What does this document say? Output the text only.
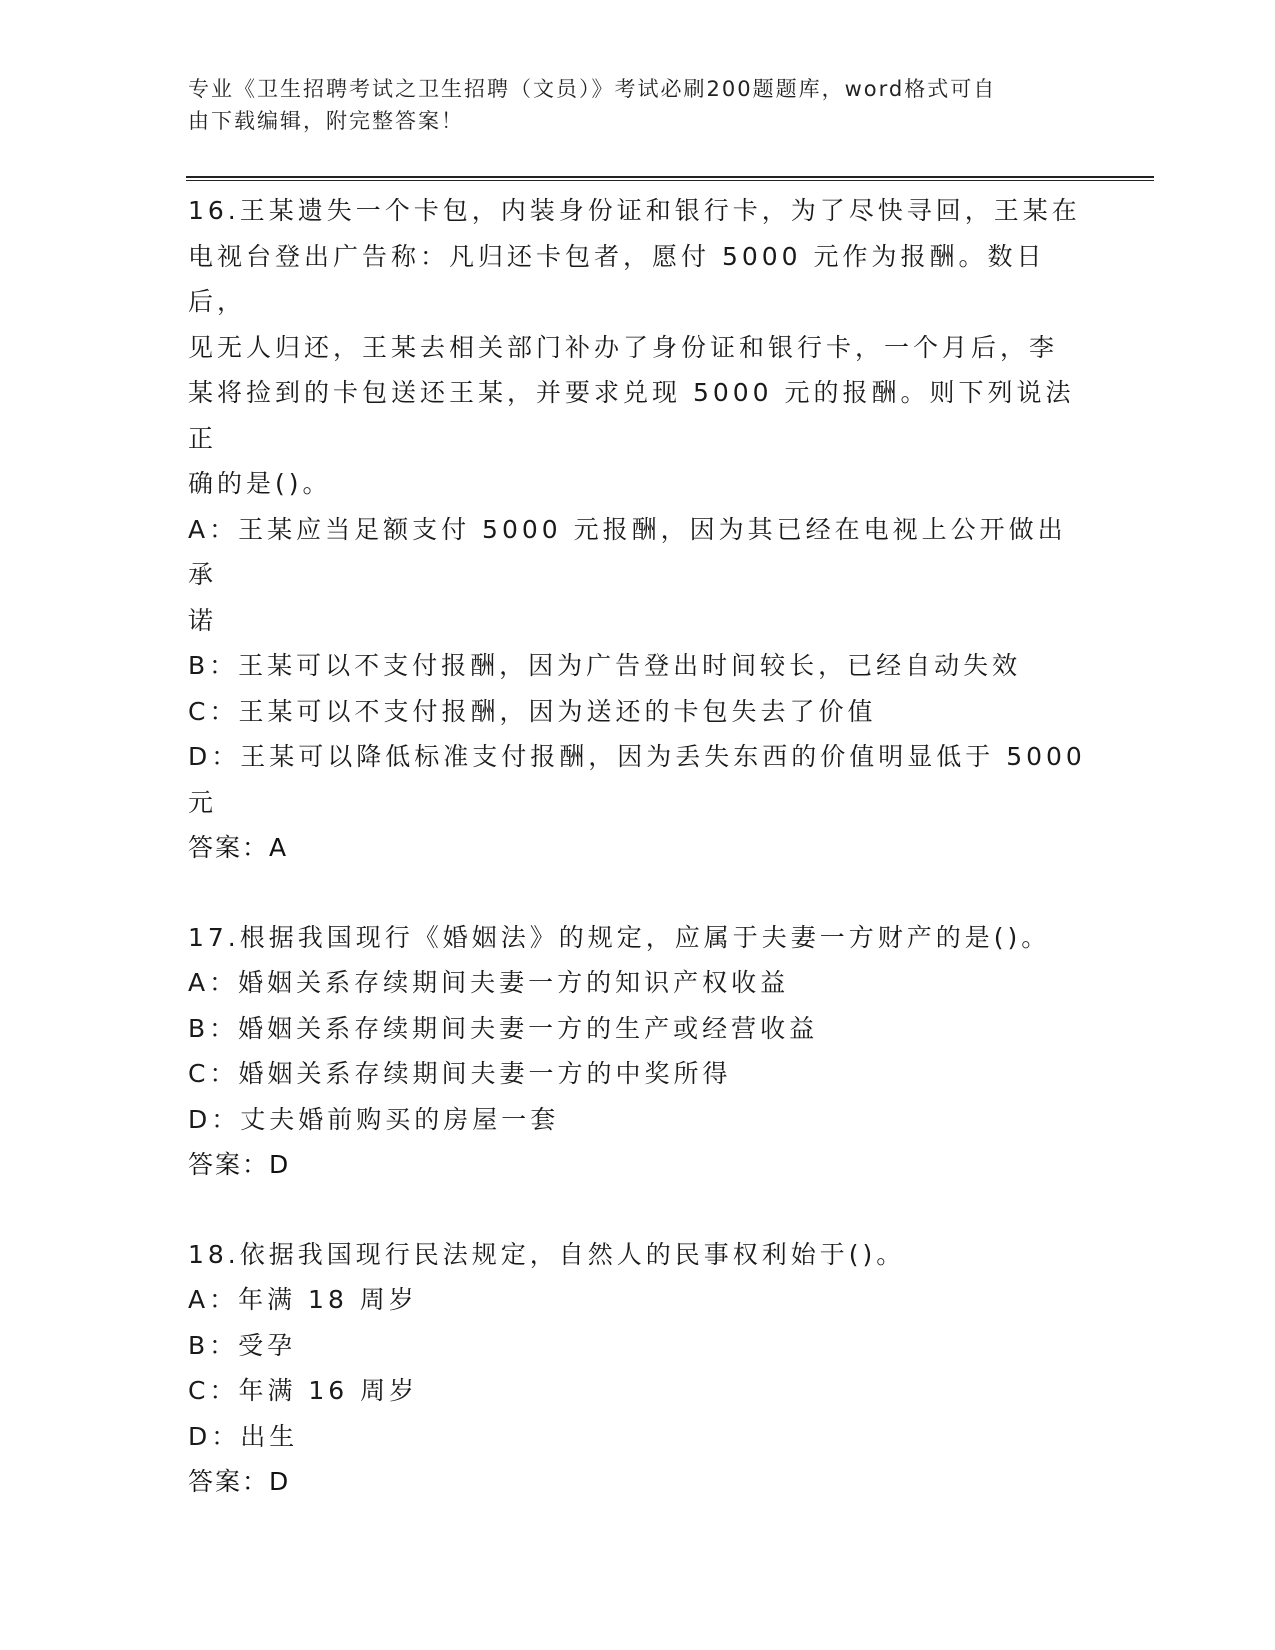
专业《卫生招聘考试之卫生招聘（文员）》考试必刷200题题库，word格式可自
由下载编辑，附完整答案！
16.王某遗失一个卡包，内装身份证和银行卡，为了尽快寻回，王某在
电视台登出广告称：凡归还卡包者，愿付 5000 元作为报酬。数日后，
见无人归还，王某去相关部门补办了身份证和银行卡，一个月后，李
某将捡到的卡包送还王某，并要求兑现 5000 元的报酬。则下列说法正
确的是()。
A：王某应当足额支付 5000 元报酬，因为其已经在电视上公开做出承
诺
B：王某可以不支付报酬，因为广告登出时间较长，已经自动失效
C：王某可以不支付报酬，因为送还的卡包失去了价值
D：王某可以降低标准支付报酬，因为丢失东西的价值明显低于 5000
元
答案：A
17.根据我国现行《婚姻法》的规定，应属于夫妻一方财产的是()。
A：婚姻关系存续期间夫妻一方的知识产权收益
B：婚姻关系存续期间夫妻一方的生产或经营收益
C：婚姻关系存续期间夫妻一方的中奖所得
D：丈夫婚前购买的房屋一套
答案：D
18.依据我国现行民法规定，自然人的民事权利始于()。
A：年满 18 周岁
B：受孕
C：年满 16 周岁
D：出生
答案：D
